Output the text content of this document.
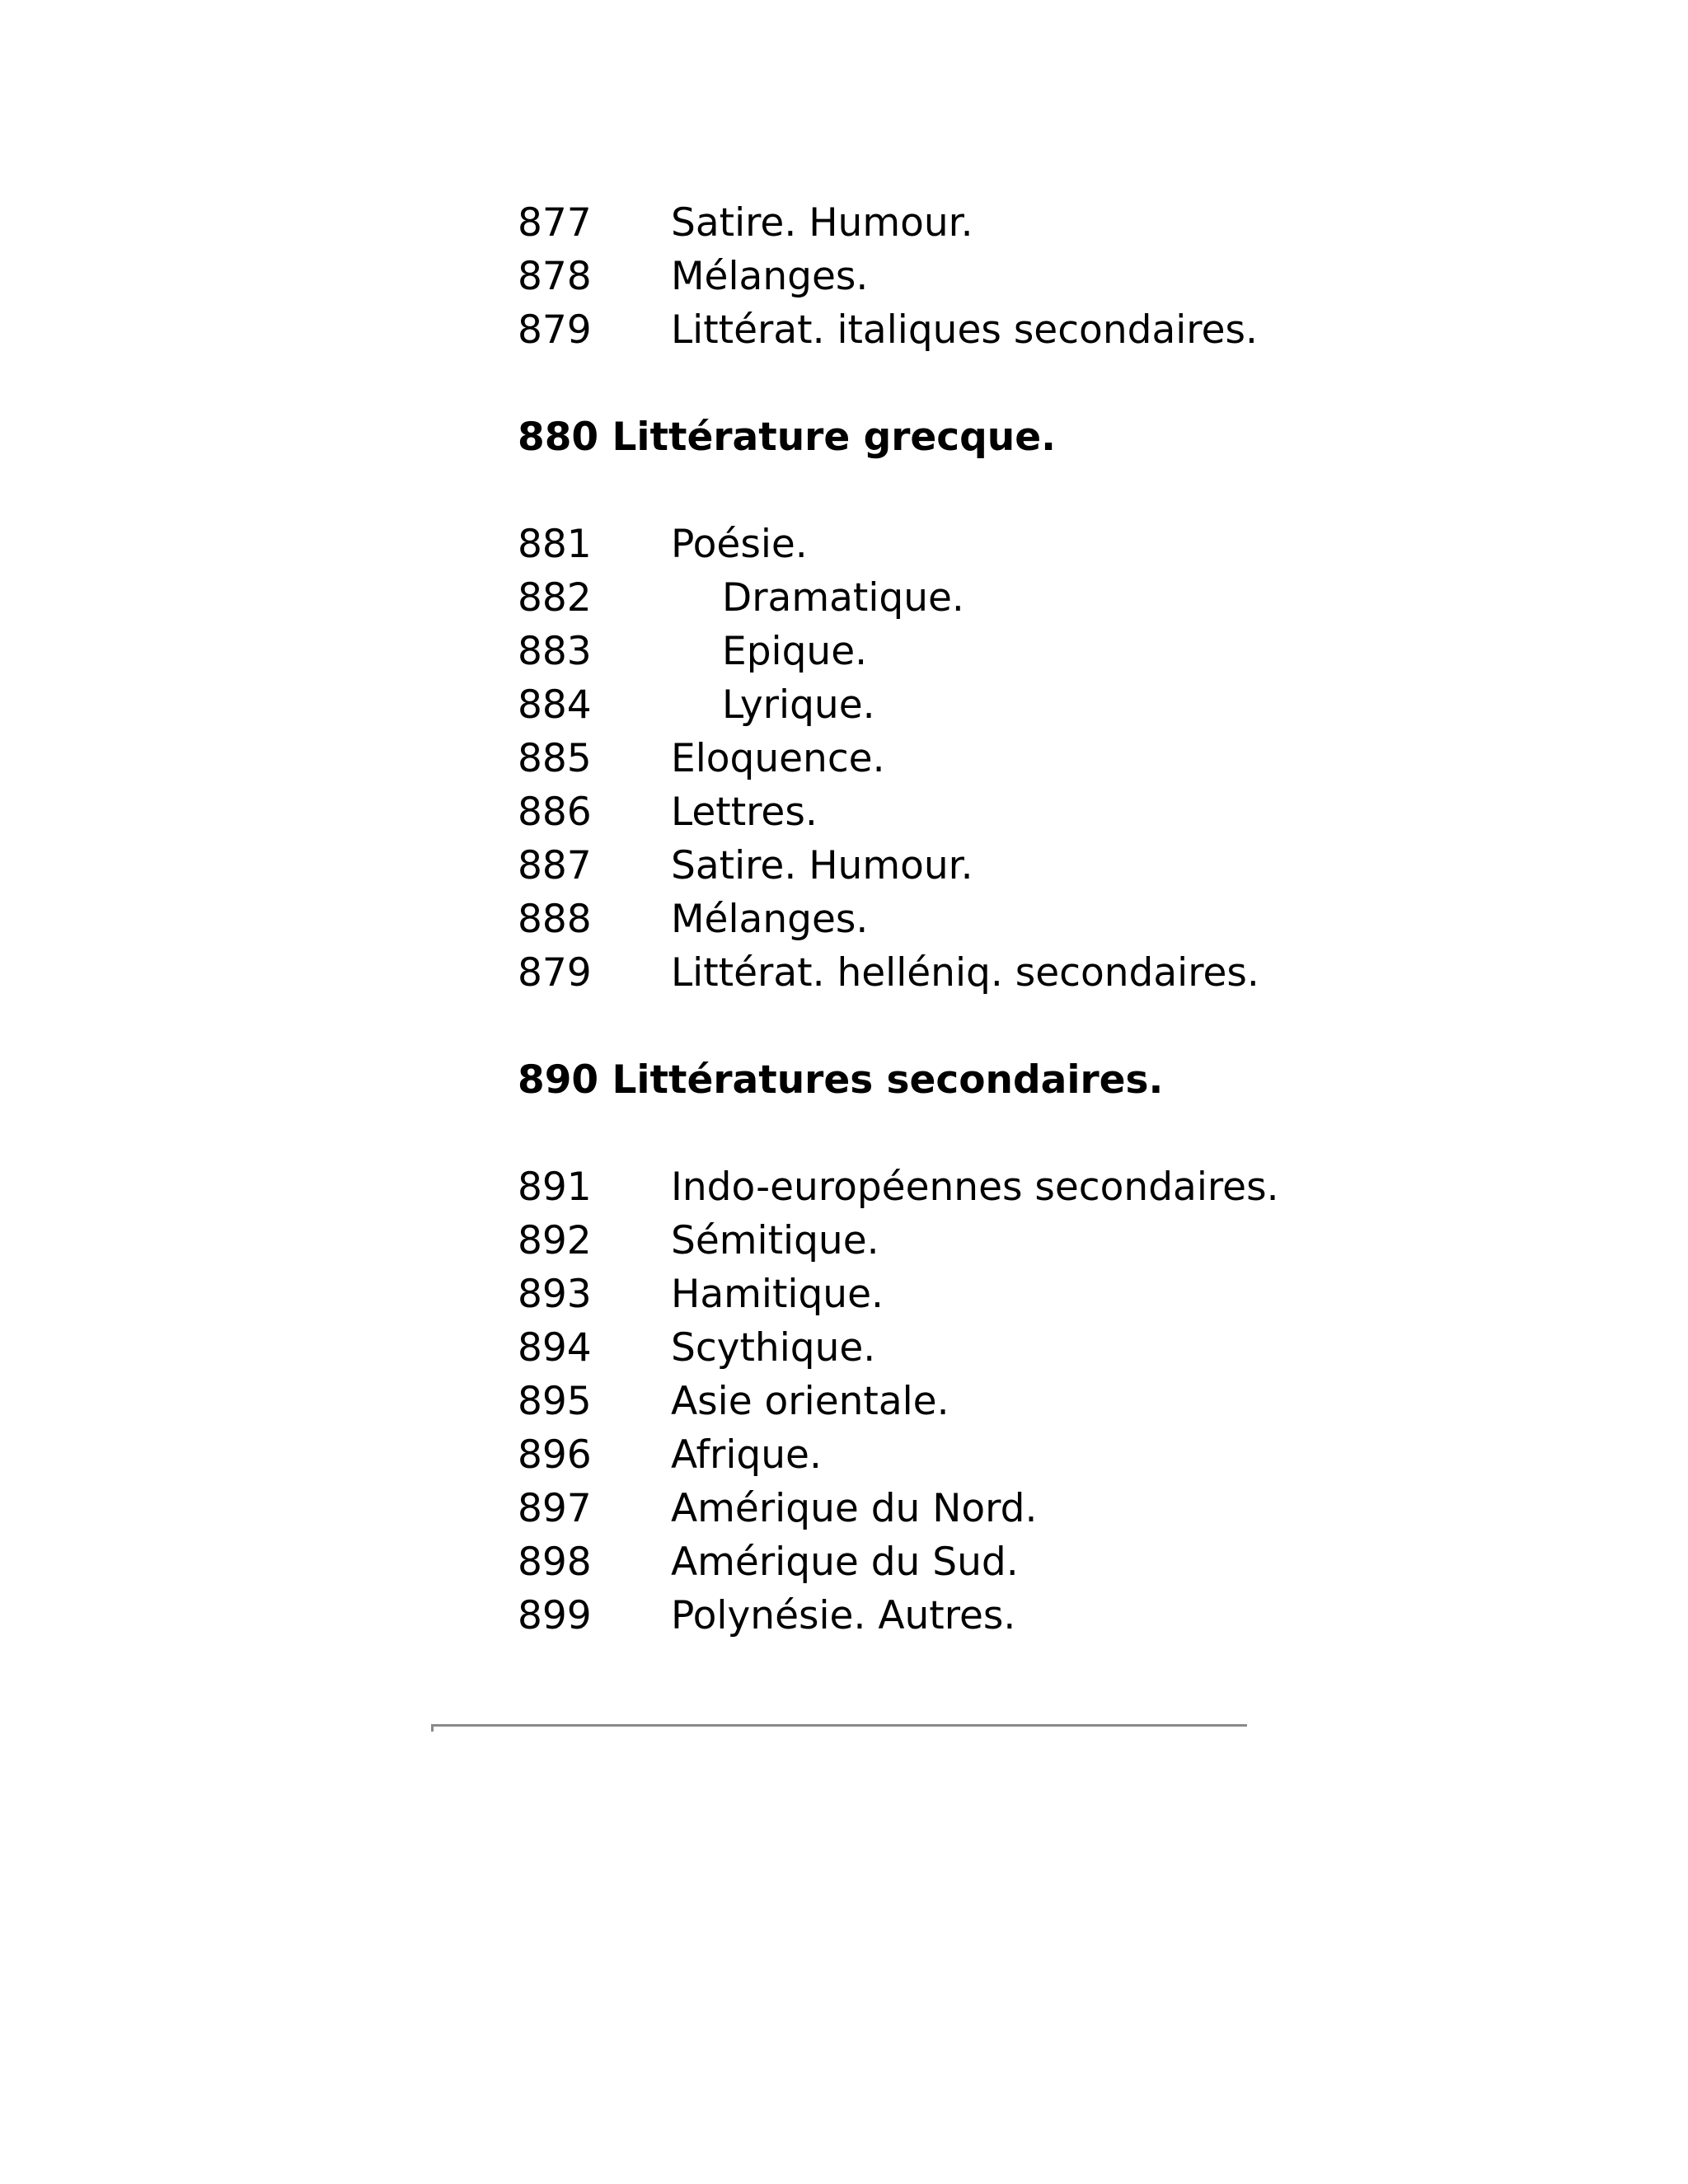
877	Satire. Humour.
878	Mélanges.
879	Littérat. italiques secondaires.
880 Littérature grecque.
881	Poésie.
882	Dramatique.
883	Epique.
884	Lyrique.
885	Eloquence.
886	Lettres.
887	Satire. Humour.
888	Mélanges.
879	Littérat. helléniq. secondaires.
890 Littératures secondaires.
891	Indo-européennes secondaires.
892	Sémitique.
893	Hamitique.
894	Scythique.
895	Asie orientale.
896	Afrique.
897	Amérique du Nord.
898	Amérique du Sud.
899	Polynésie. Autres.
